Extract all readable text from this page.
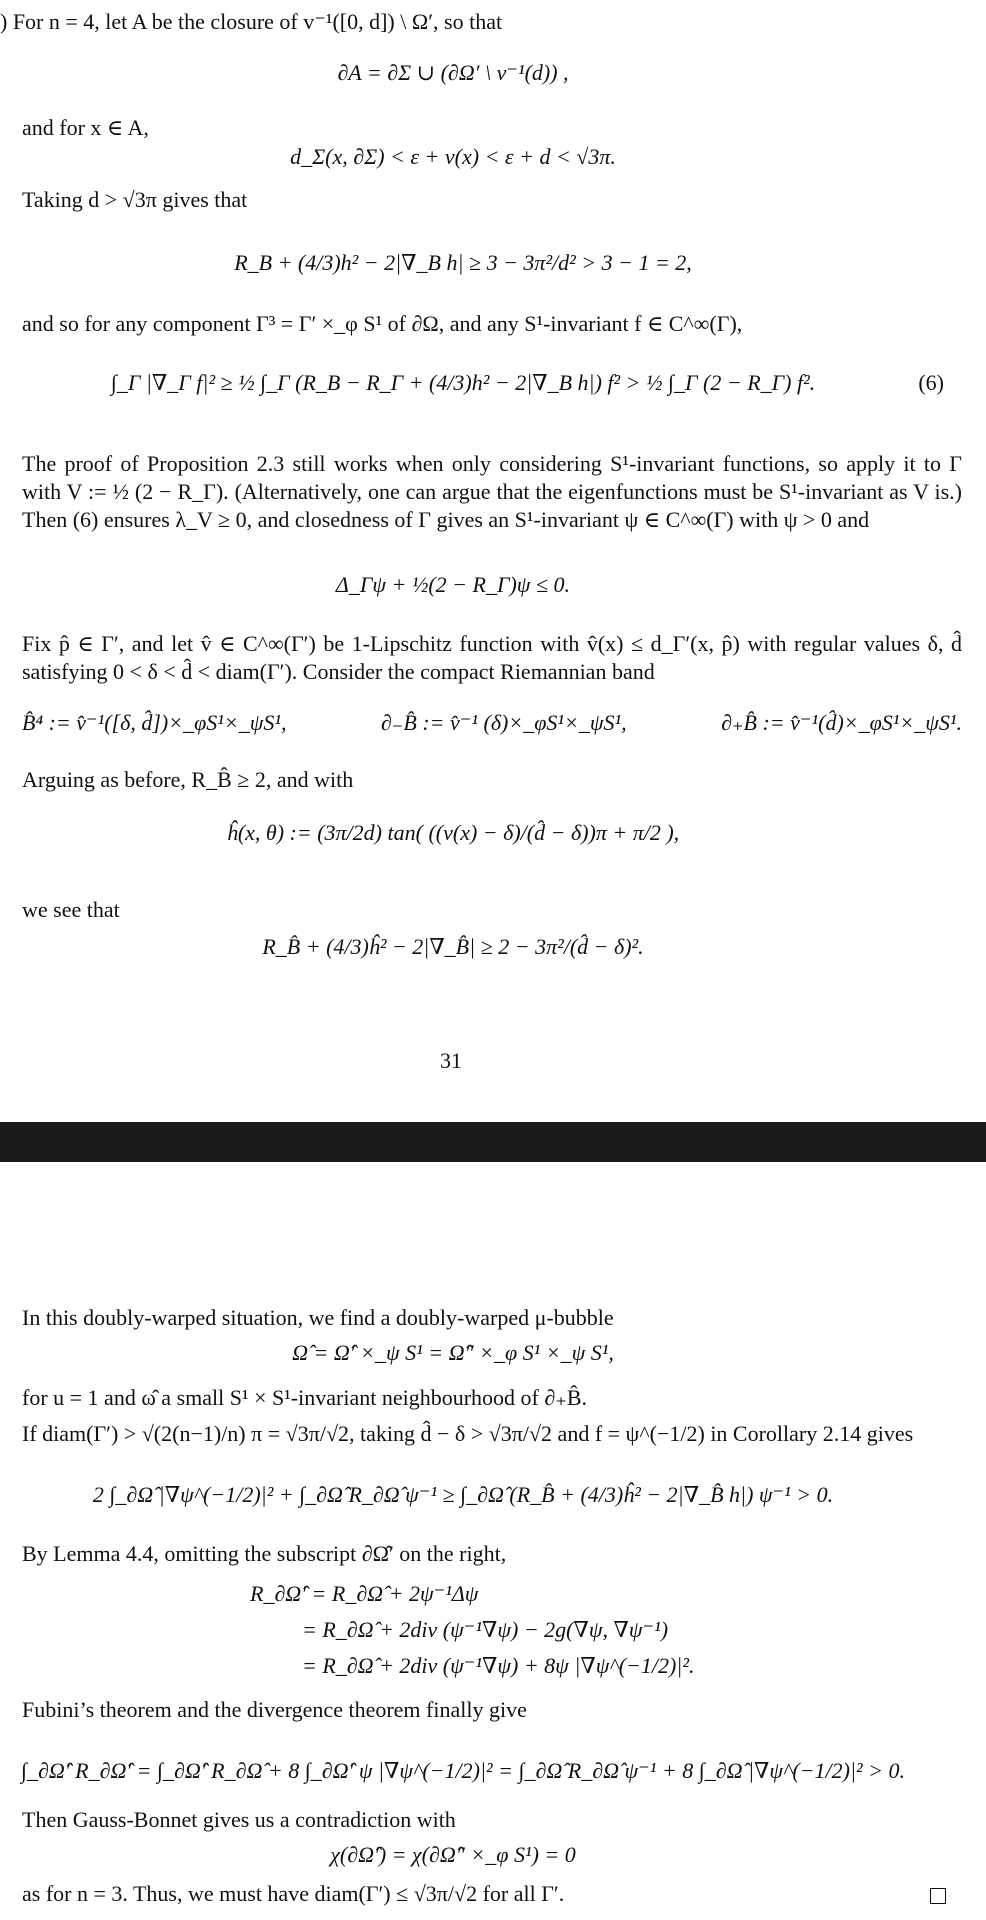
) For n = 4, let A be the closure of v⁻¹([0, d]) \ Ω′, so that
∂A = ∂Σ ∪ (∂Ω′ \ v⁻¹(d)) ,
and for x ∈ A,
d_Σ(x, ∂Σ) < ε + v(x) < ε + d < √3π.
Taking d > √3π gives that
R_B + (4/3)h² − 2|∇_B h| ≥ 3 − 3π²/d² > 3 − 1 = 2,
and so for any component Γ³ = Γ′ ×_φ S¹ of ∂Ω, and any S¹-invariant f ∈ C^∞(Γ),
∫_Γ |∇_Γ f|² ≥ ½ ∫_Γ (R_B − R_Γ + (4/3)h² − 2|∇_B h|) f² > ½ ∫_Γ (2 − R_Γ) f².	(6)
The proof of Proposition 2.3 still works when only considering S¹-invariant functions, so apply it to Γ with V := ½ (2 − R_Γ). (Alternatively, one can argue that the eigenfunctions must be S¹-invariant as V is.) Then (6) ensures λ_V ≥ 0, and closedness of Γ gives an S¹-invariant ψ ∈ C^∞(Γ) with ψ > 0 and
Δ_Γψ + ½(2 − R_Γ)ψ ≤ 0.
Fix p̂ ∈ Γ′, and let v̂ ∈ C^∞(Γ′) be 1-Lipschitz function with v̂(x) ≤ d_Γ′(x, p̂) with regular values δ, d̂ satisfying 0 < δ < d̂ < diam(Γ′). Consider the compact Riemannian band
B̂⁴ := v̂⁻¹([δ, d̂])×_φS¹×_ψS¹,	∂₋B̂ := v̂⁻¹ (δ)×_φS¹×_ψS¹,	∂₊B̂ := v̂⁻¹(d̂)×_φS¹×_ψS¹.
Arguing as before, R_B̂ ≥ 2, and with
ĥ(x, θ) := (3π/2d) tan( ((v(x) − δ)/(d̂ − δ))π + π/2 ),
we see that
R_B̂ + (4/3)ĥ² − 2|∇_B̂| ≥ 2 − 3π²/(d̂ − δ)².
31
In this doubly-warped situation, we find a doubly-warped μ-bubble
Ω̂ = Ω̂′ ×_ψ S¹ = Ω̂″ ×_φ S¹ ×_ψ S¹,
for u = 1 and ω̂ a small S¹ × S¹-invariant neighbourhood of ∂₊B̂.
If diam(Γ′) > √(2(n−1)/n) π = √3π/√2, taking d̂ − δ > √3π/√2 and f = ψ^(−1/2) in Corollary 2.14 gives
2 ∫_∂Ω̂ |∇ψ^(−1/2)|² + ∫_∂Ω̂ R_∂Ω̂ ψ⁻¹ ≥ ∫_∂Ω̂ (R_B̂ + (4/3)ĥ² − 2|∇_B̂ h|) ψ⁻¹ > 0.
By Lemma 4.4, omitting the subscript ∂Ω̂′ on the right,
R_∂Ω̂′ = R_∂Ω̂ + 2ψ⁻¹Δψ
= R_∂Ω̂ + 2div (ψ⁻¹∇ψ) − 2g(∇ψ, ∇ψ⁻¹)
= R_∂Ω̂ + 2div (ψ⁻¹∇ψ) + 8ψ |∇ψ^(−1/2)|².
Fubini’s theorem and the divergence theorem finally give
∫_∂Ω̂′ R_∂Ω̂′ = ∫_∂Ω̂′ R_∂Ω̂ + 8 ∫_∂Ω̂′ ψ |∇ψ^(−1/2)|² = ∫_∂Ω̂ R_∂Ω̂ ψ⁻¹ + 8 ∫_∂Ω̂ |∇ψ^(−1/2)|² > 0.
Then Gauss-Bonnet gives us a contradiction with
χ(∂Ω̂′) = χ(∂Ω̂″ ×_φ S¹) = 0
as for n = 3. Thus, we must have diam(Γ′) ≤ √3π/√2 for all Γ′.
